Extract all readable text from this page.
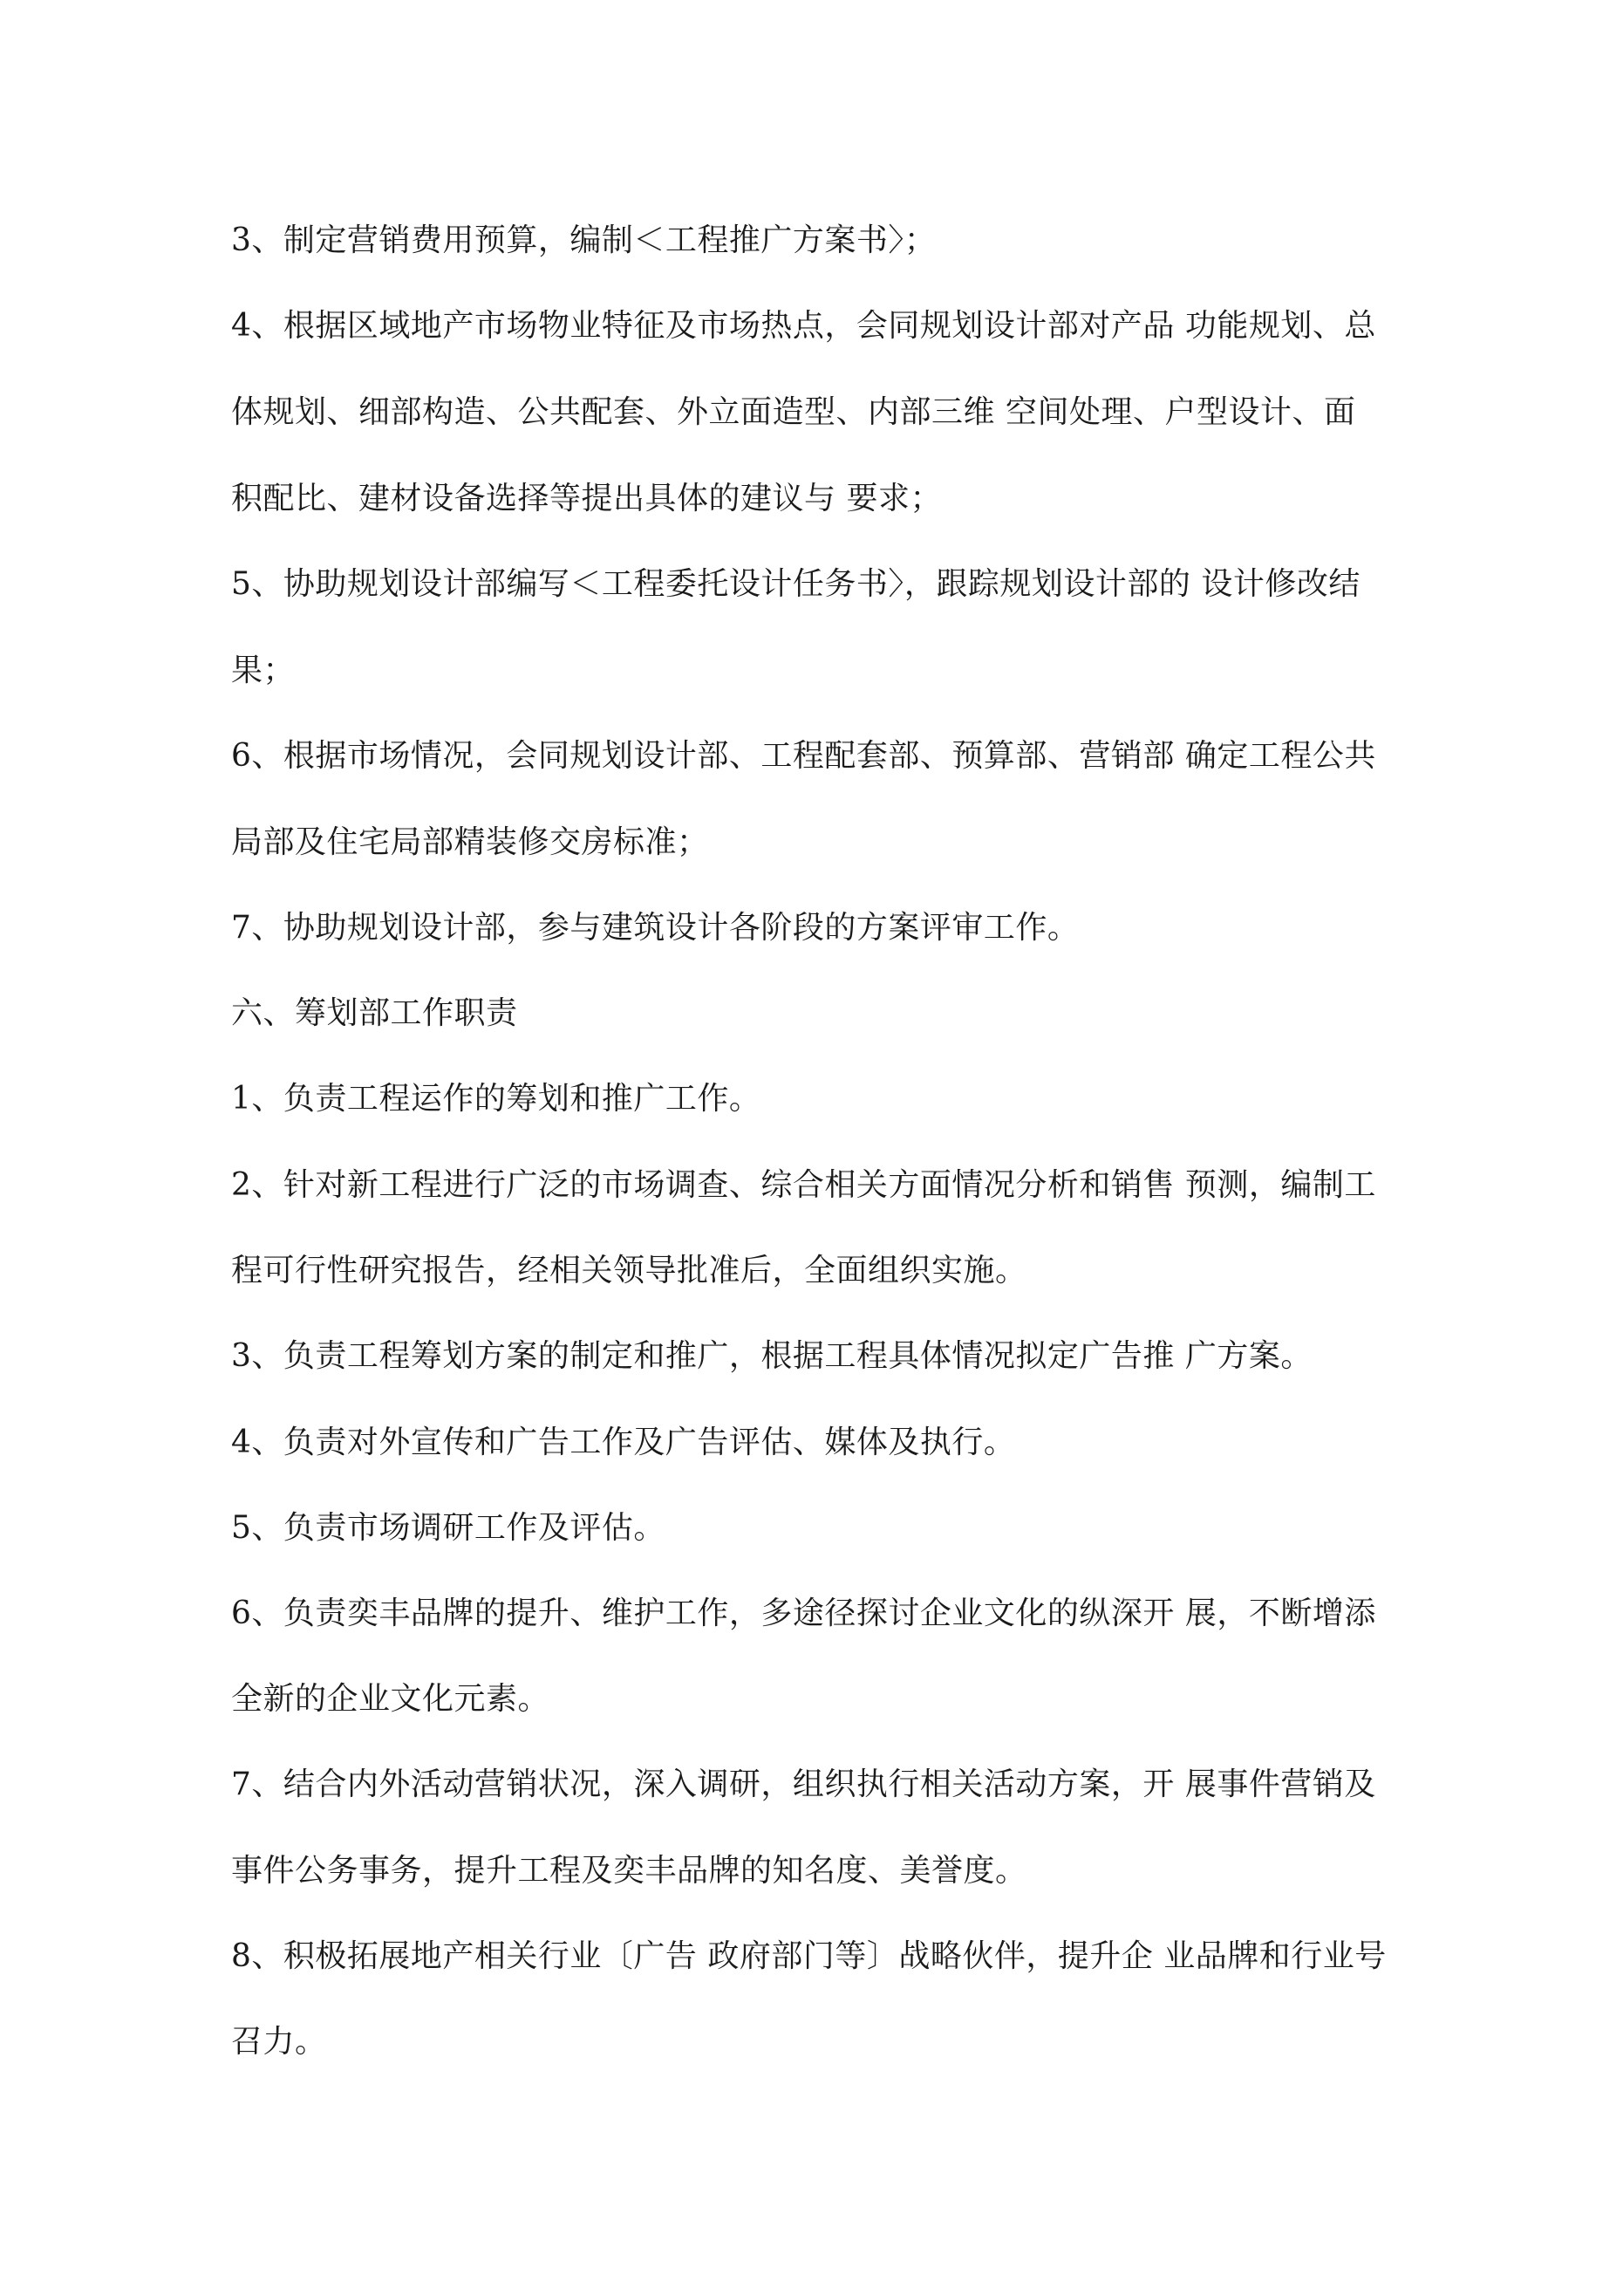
3、制定营销费用预算，编制＜工程推广方案书〉；
4、根据区域地产市场物业特征及市场热点，会同规划设计部对产品 功能规划、总
体规划、细部构造、公共配套、外立面造型、内部三维 空间处理、户型设计、面
积配比、建材设备选择等提出具体的建议与 要求；
5、协助规划设计部编写＜工程委托设计任务书〉，跟踪规划设计部的 设计修改结
果；
6、根据市场情况，会同规划设计部、工程配套部、预算部、营销部 确定工程公共
局部及住宅局部精装修交房标准；
7、协助规划设计部，参与建筑设计各阶段的方案评审工作。
六、筹划部工作职责
1、负责工程运作的筹划和推广工作。
2、针对新工程进行广泛的市场调查、综合相关方面情况分析和销售 预测，编制工
程可行性研究报告，经相关领导批准后，全面组织实施。
3、负责工程筹划方案的制定和推广，根据工程具体情况拟定广告推 广方案。
4、负责对外宣传和广告工作及广告评估、媒体及执行。
5、负责市场调研工作及评估。
6、负责奕丰品牌的提升、维护工作，多途径探讨企业文化的纵深开 展，不断增添
全新的企业文化元素。
7、结合内外活动营销状况，深入调研，组织执行相关活动方案，开 展事件营销及
事件公务事务，提升工程及奕丰品牌的知名度、美誉度。
8、积极拓展地产相关行业〔广告 政府部门等〕战略伙伴，提升企 业品牌和行业号
召力。
